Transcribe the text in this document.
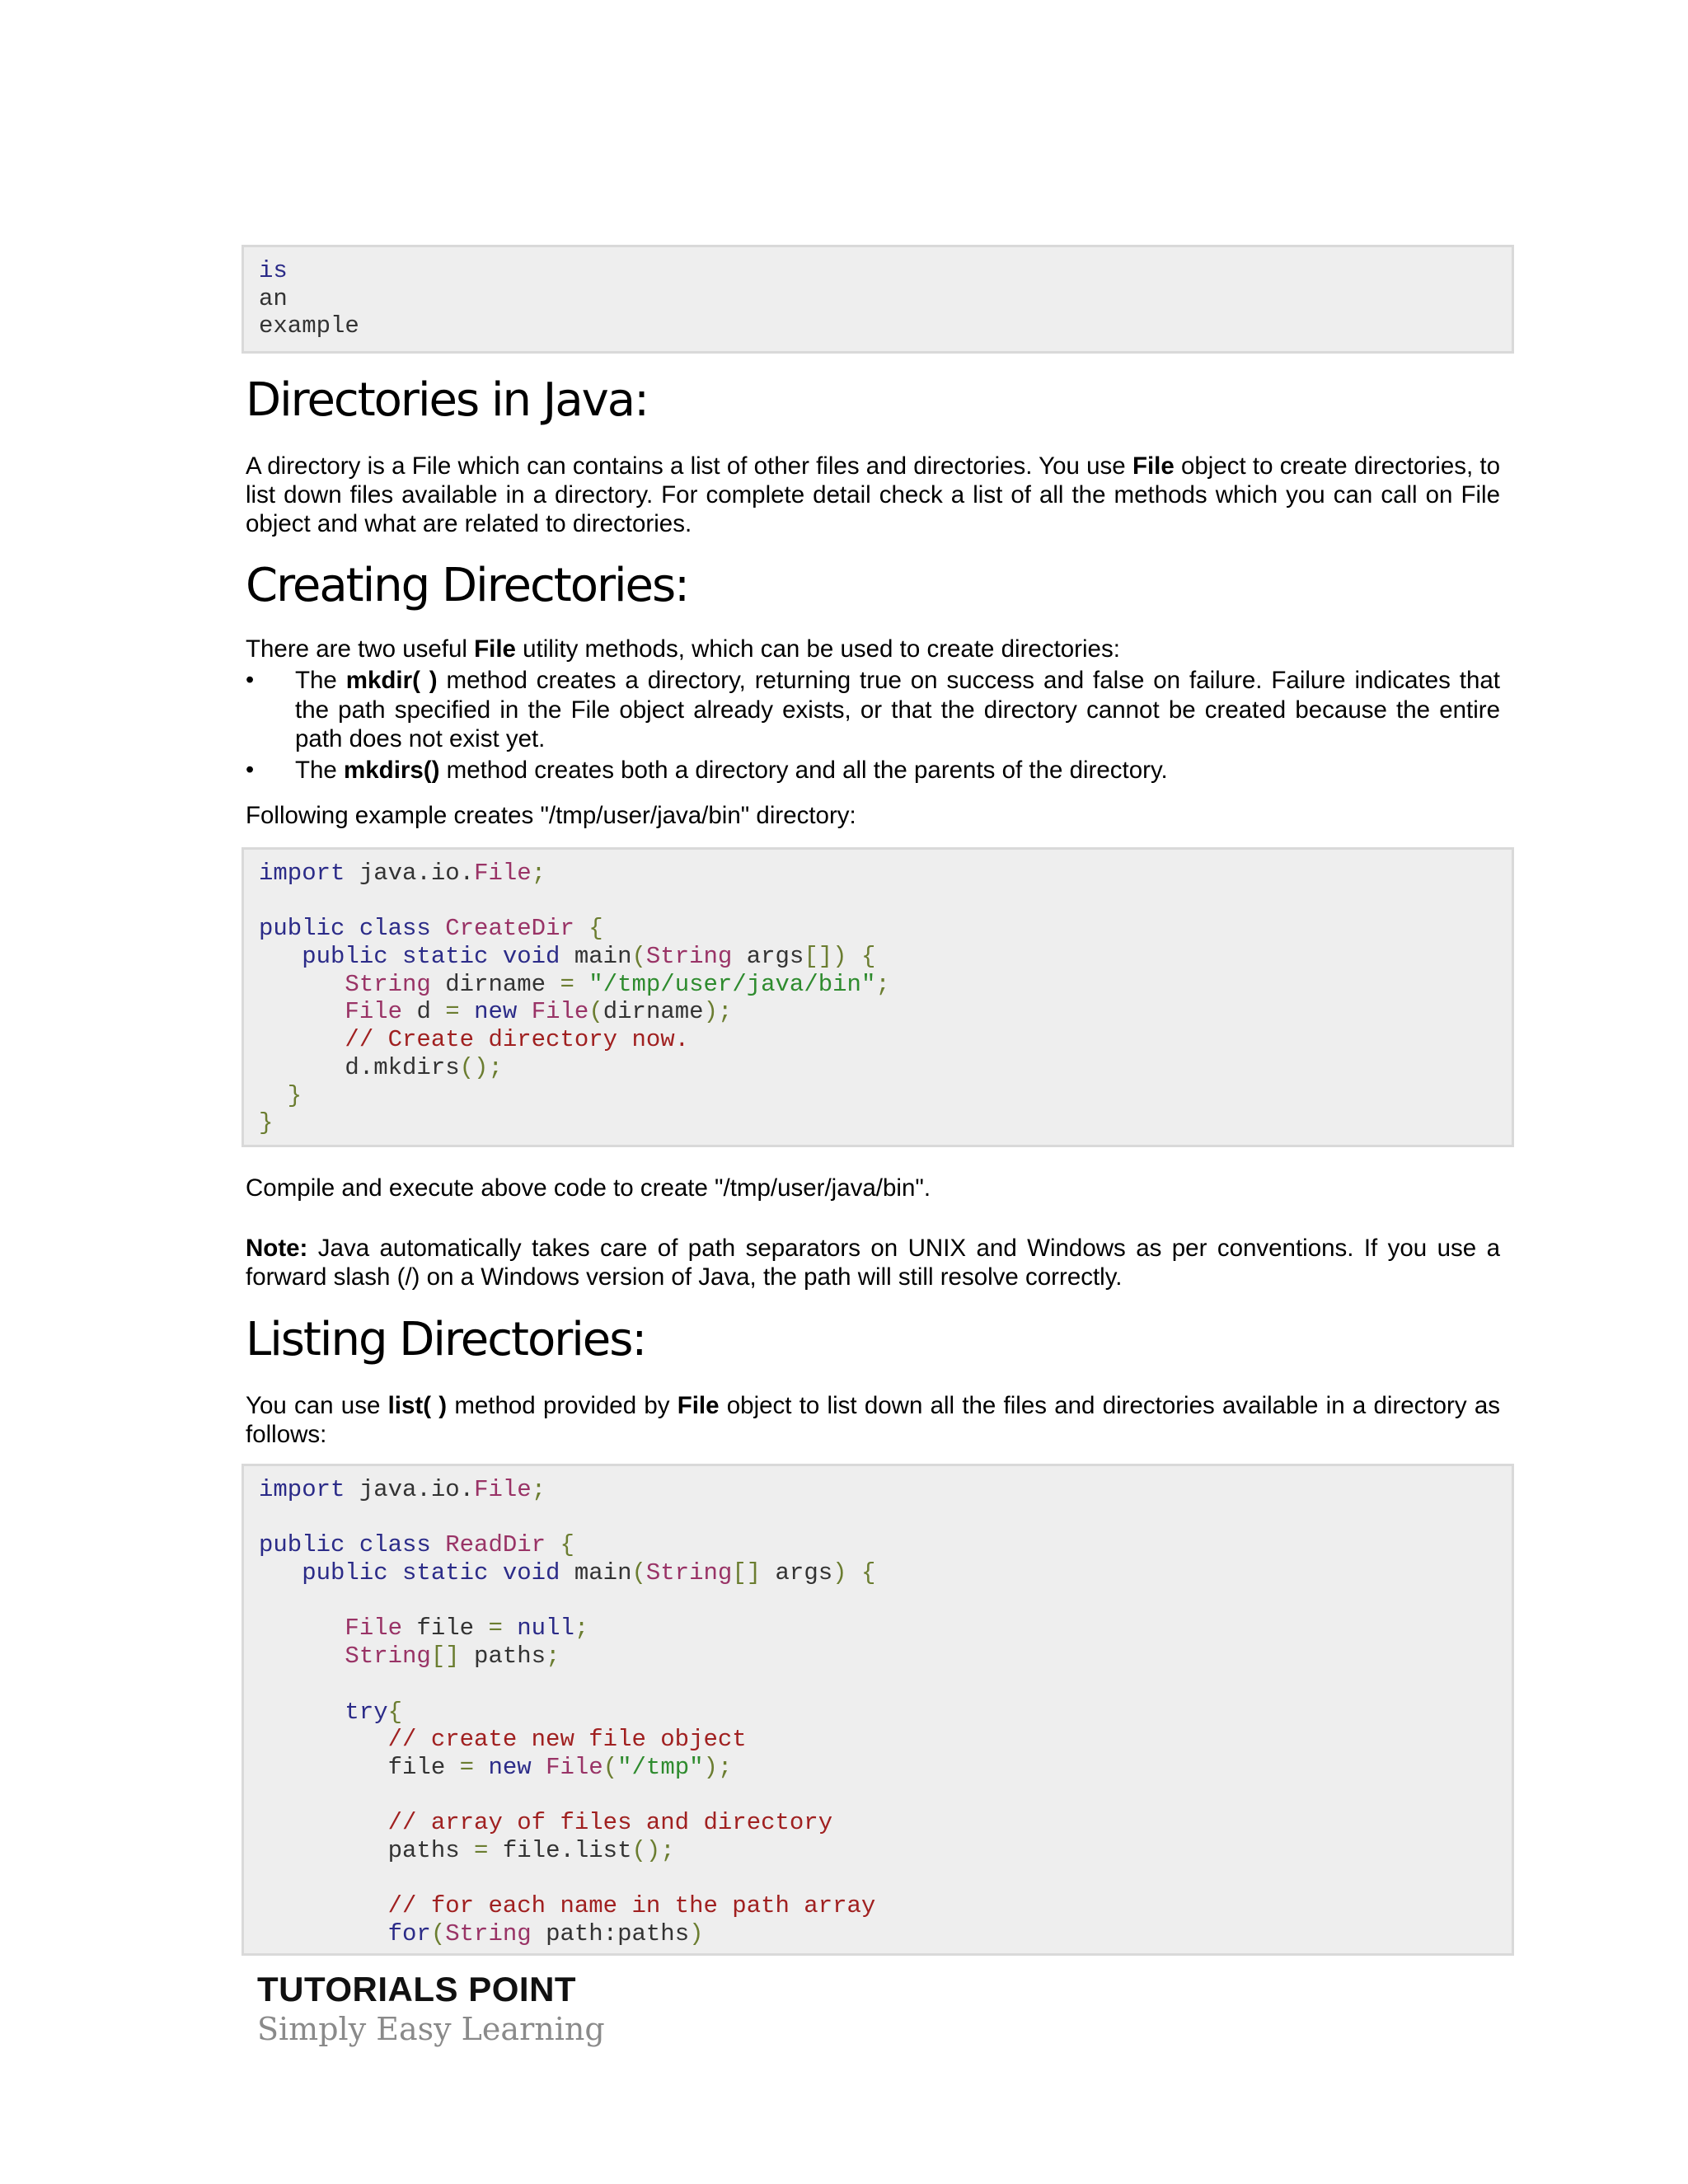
is
an
example
Directories in Java:

A directory is a File which can contains a list of other files and directories. You use File object to create directories, to list down files available in a directory. For complete detail check a list of all the methods which you can call on File object and what are related to directories.

Creating Directories:

There are two useful File utility methods, which can be used to create directories:

• The mkdir( ) method creates a directory, returning true on success and false on failure. Failure indicates that the path specified in the File object already exists, or that the directory cannot be created because the entire path does not exist yet.
• The mkdirs() method creates both a directory and all the parents of the directory.

Following example creates "/tmp/user/java/bin" directory:

import java.io.File;

public class CreateDir {
public static void main(String args[]) {
String dirname = "/tmp/user/java/bin";
File d = new File(dirname);
// Create directory now.
d.mkdirs();
}
}

Compile and execute above code to create "/tmp/user/java/bin".

Note: Java automatically takes care of path separators on UNIX and Windows as per conventions. If you use a forward slash (/) on a Windows version of Java, the path will still resolve correctly.

Listing Directories:

You can use list( ) method provided by File object to list down all the files and directories available in a directory as follows:

import java.io.File;

public class ReadDir {
public static void main(String[] args) {

File file = null;
String[] paths;

try{
// create new file object
file = new File("/tmp");

// array of files and directory
paths = file.list();

// for each name in the path array
for(String path:paths)
TUTORIALS POINT
Simply Easy Learning
